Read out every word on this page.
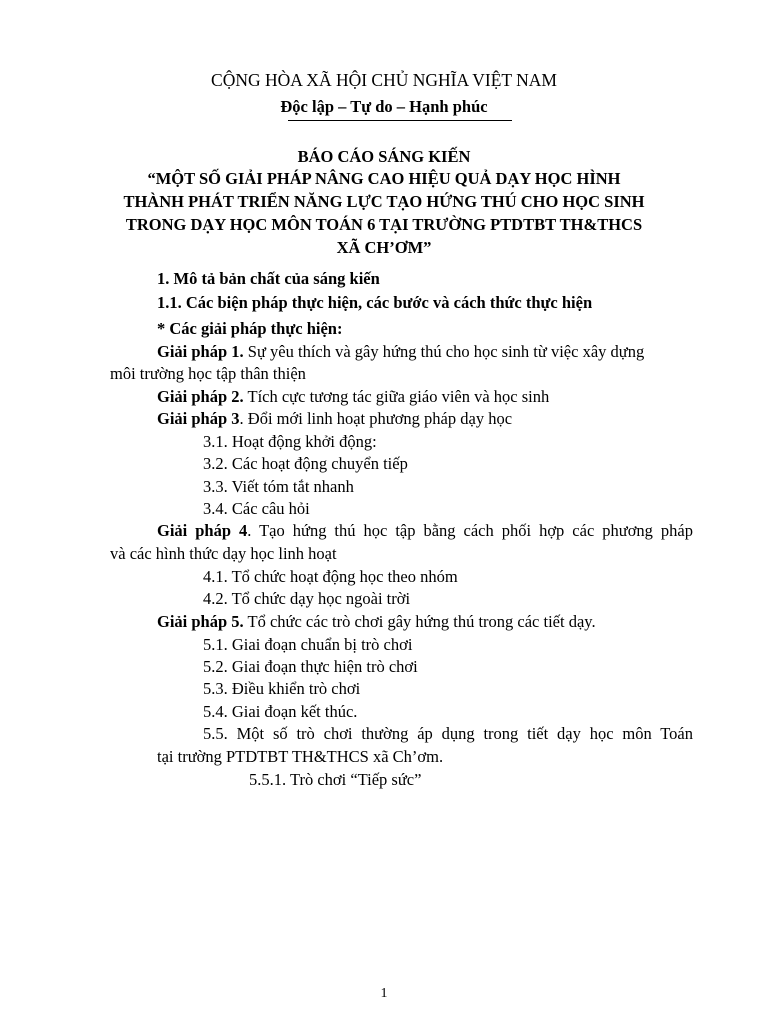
CỘNG HÒA XÃ HỘI CHỦ NGHĨA VIỆT NAM
Độc lập – Tự do – Hạnh phúc
BÁO CÁO SÁNG KIẾN
“MỘT SỐ GIẢI PHÁP NÂNG CAO HIỆU QUẢ DẠY HỌC HÌNH
THÀNH PHÁT TRIỂN NĂNG LỰC TẠO HỨNG THÚ CHO HỌC SINH
TRONG DẠY HỌC MÔN TOÁN 6 TẠI TRƯỜNG PTDTBT TH&THCS
XÃ CH’ƠM”
1. Mô tả bản chất của sáng kiến
1.1. Các biện pháp thực hiện, các bước và cách thức thực hiện
* Các giải pháp thực hiện:
Giải pháp 1. Sự yêu thích và gây hứng thú cho học sinh từ việc xây dựng
môi trường học tập thân thiện
Giải pháp 2. Tích cực tương tác giữa giáo viên và học sinh
Giải pháp 3. Đổi mới linh hoạt phương pháp dạy học
3.1. Hoạt động khởi động:
3.2. Các hoạt động chuyển tiếp
3.3. Viết tóm tắt nhanh
3.4. Các câu hỏi
Giải pháp 4. Tạo hứng thú học tập bằng cách phối hợp các phương pháp
và các hình thức dạy học linh hoạt
4.1. Tổ chức hoạt động học theo nhóm
4.2. Tổ chức dạy học ngoài trời
Giải pháp 5. Tổ chức các trò chơi gây hứng thú trong các tiết dạy.
5.1. Giai đoạn chuẩn bị trò chơi
5.2. Giai đoạn thực hiện trò chơi
5.3. Điều khiển trò chơi
5.4. Giai đoạn kết thúc.
5.5. Một số trò chơi thường áp dụng trong tiết dạy học môn Toán
tại trường PTDTBT TH&THCS xã Ch’ơm.
5.5.1. Trò chơi “Tiếp sức”
1
